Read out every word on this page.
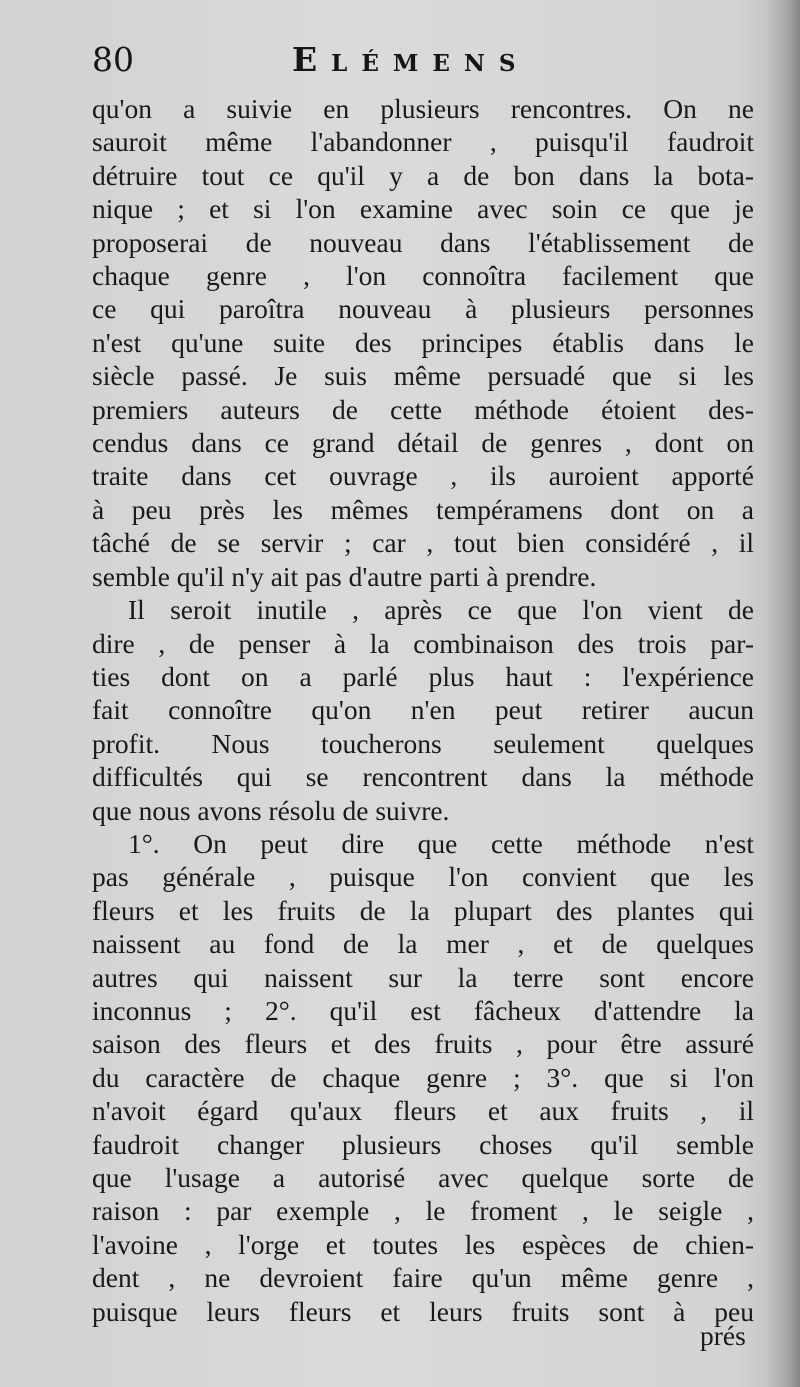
80	Elémens
qu'on a suivie en plusieurs rencontres. On ne
sauroit même l'abandonner , puisqu'il faudroit
détruire tout ce qu'il y a de bon dans la bota-
nique ; et si l'on examine avec soin ce que je
proposerai de nouveau dans l'établissement de
chaque genre , l'on connoîtra facilement que
ce qui paroîtra nouveau à plusieurs personnes
n'est qu'une suite des principes établis dans le
siècle passé. Je suis même persuadé que si les
premiers auteurs de cette méthode étoient des-
cendus dans ce grand détail de genres , dont on
traite dans cet ouvrage , ils auroient apporté
à peu près les mêmes tempéramens dont on a
tâché de se servir ; car , tout bien considéré , il
semble qu'il n'y ait pas d'autre parti à prendre.
Il seroit inutile , après ce que l'on vient de
dire , de penser à la combinaison des trois par-
ties dont on a parlé plus haut : l'expérience
fait connoître qu'on n'en peut retirer aucun
profit. Nous toucherons seulement quelques
difficultés qui se rencontrent dans la méthode
que nous avons résolu de suivre.
1°. On peut dire que cette méthode n'est
pas générale , puisque l'on convient que les
fleurs et les fruits de la plupart des plantes qui
naissent au fond de la mer , et de quelques
autres qui naissent sur la terre sont encore
inconnus ; 2°. qu'il est fâcheux d'attendre la
saison des fleurs et des fruits , pour être assuré
du caractère de chaque genre ; 3°. que si l'on
n'avoit égard qu'aux fleurs et aux fruits , il
faudroit changer plusieurs choses qu'il semble
que l'usage a autorisé avec quelque sorte de
raison : par exemple , le froment , le seigle ,
l'avoine , l'orge et toutes les espèces de chien-
dent , ne devroient faire qu'un même genre ,
puisque leurs fleurs et leurs fruits sont à peu
prés
